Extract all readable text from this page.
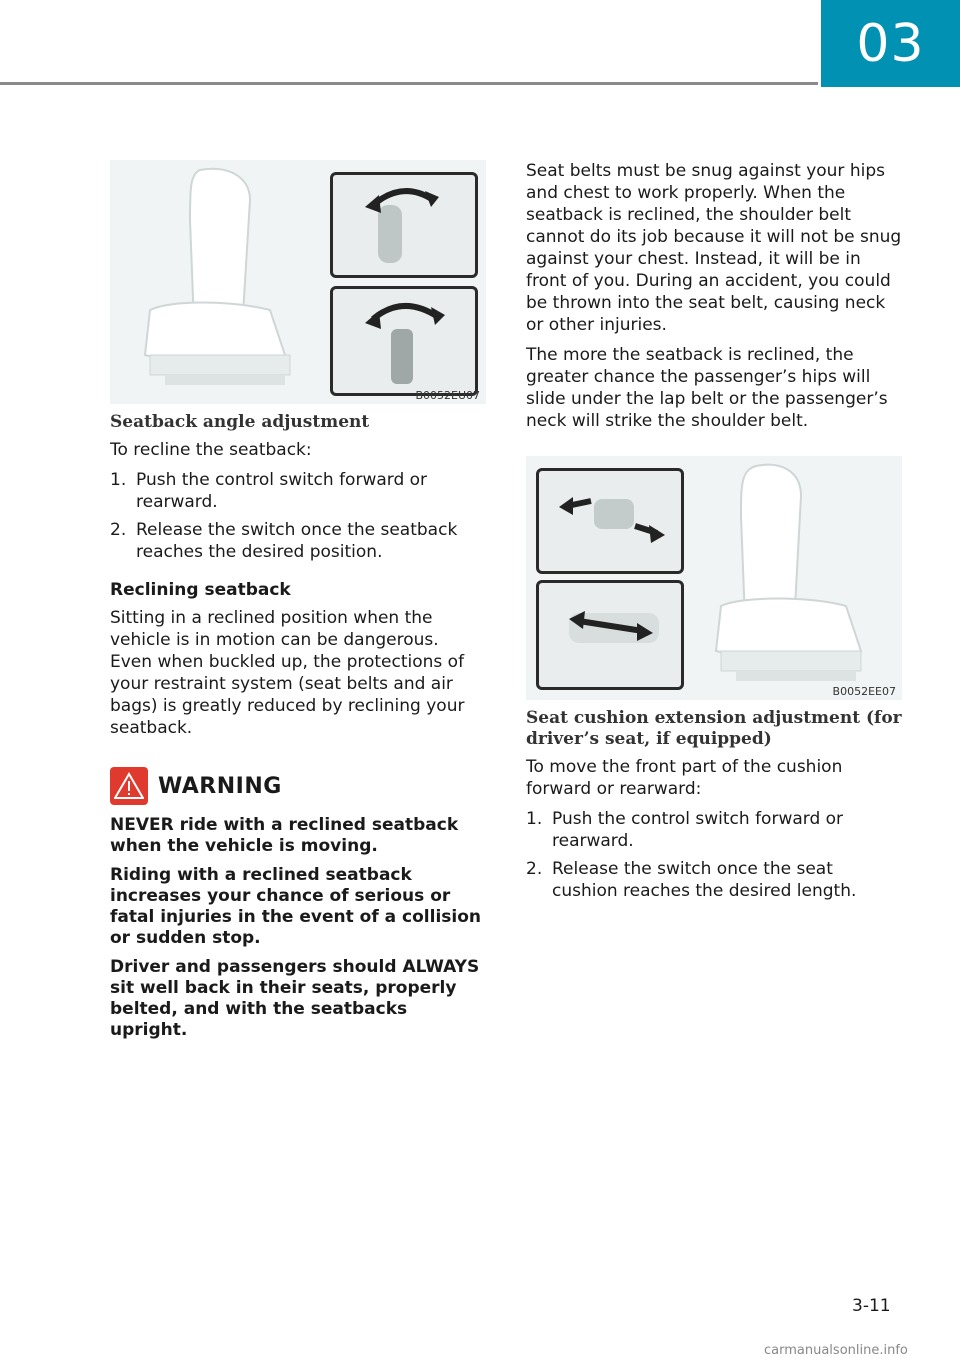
03
B0052EU07
Seatback angle adjustment

To recline the seatback:

1. Push the control switch forward or rearward.
2. Release the switch once the seatback reaches the desired position.
Reclining seatback

Sitting in a reclined position when the vehicle is in motion can be dangerous. Even when buckled up, the protections of your restraint system (seat belts and air bags) is greatly reduced by reclining your seatback.

WARNING

NEVER ride with a reclined seatback when the vehicle is moving.

Riding with a reclined seatback increases your chance of serious or fatal injuries in the event of a collision or sudden stop.

Driver and passengers should ALWAYS sit well back in their seats, properly belted, and with the seatbacks upright.

Seat belts must be snug against your hips and chest to work properly. When the seatback is reclined, the shoulder belt cannot do its job because it will not be snug against your chest. Instead, it will be in front of you. During an accident, you could be thrown into the seat belt, causing neck or other injuries.

The more the seatback is reclined, the greater chance the passenger’s hips will slide under the lap belt or the passenger’s neck will strike the shoulder belt.

B0052EE07
Seat cushion extension adjustment (for driver’s seat, if equipped)

To move the front part of the cushion forward or rearward:

1. Push the control switch forward or rearward.
2. Release the switch once the seat cushion reaches the desired length.
3-11
carmanualsonline.info
